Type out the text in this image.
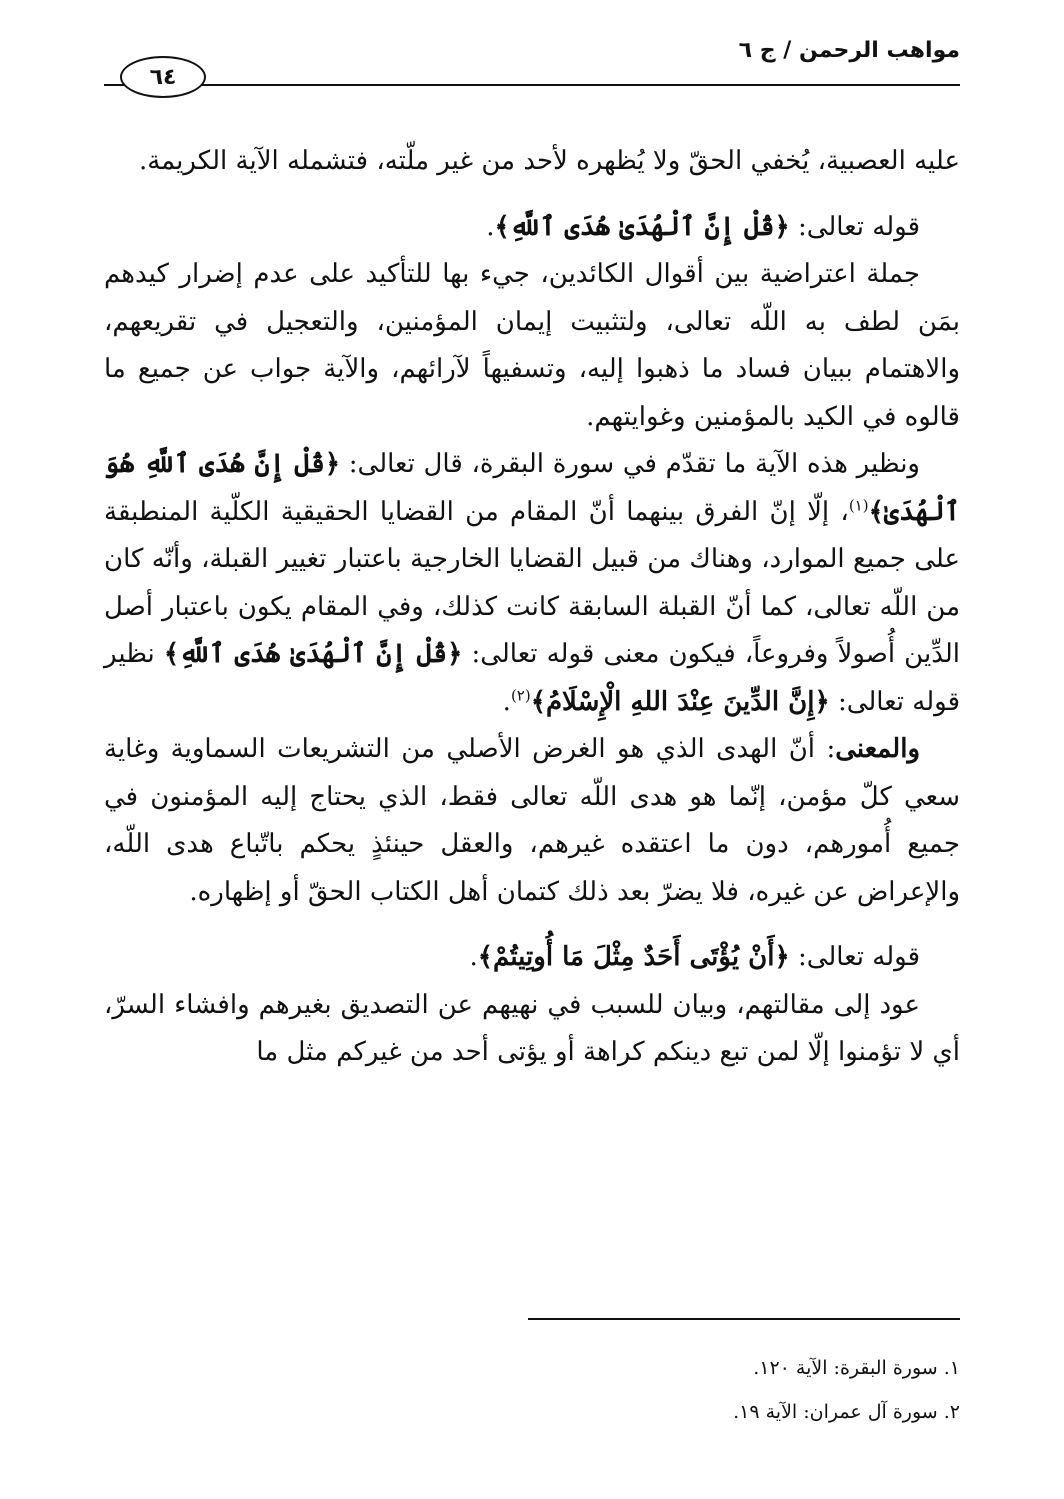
مواهب الرحمن / ج ٦
٦٤

عليه العصبية، يُخفي الحقّ ولا يُظهره لأحد من غير ملّته، فتشمله الآية الكريمة.

قوله تعالى: ﴿قُلْ إِنَّ ٱلْهُدَىٰ هُدَى ٱللَّهِ﴾.

جملة اعتراضية بين أقوال الكائدين، جيء بها للتأكيد على عدم إضرار كيدهم بمَن لطف به اللّه تعالى، ولتثبيت إيمان المؤمنين، والتعجيل في تقريعهم، والاهتمام ببيان فساد ما ذهبوا إليه، وتسفيهاً لآرائهم، والآية جواب عن جميع ما قالوه في الكيد بالمؤمنين وغوايتهم.

ونظير هذه الآية ما تقدّم في سورة البقرة، قال تعالى: ﴿قُلْ إِنَّ هُدَى ٱللَّهِ هُوَ ٱلْهُدَىٰ﴾$^{(١)}$، إلّا إنّ الفرق بينهما أنّ المقام من القضايا الحقيقية الكلّية المنطبقة على جميع الموارد، وهناك من قبيل القضايا الخارجية باعتبار تغيير القبلة، وأنّه كان من اللّه تعالى، كما أنّ القبلة السابقة كانت كذلك، وفي المقام يكون باعتبار أصل الدِّين أُصولاً وفروعاً، فيكون معنى قوله تعالى: ﴿قُلْ إِنَّ ٱلْهُدَىٰ هُدَى ٱللَّهِ﴾ نظير قوله تعالى: ﴿إِنَّ الدِّينَ عِنْدَ اللهِ الْإِسْلَامُ﴾$^{(٢)}$.

والمعنى: أنّ الهدى الذي هو الغرض الأصلي من التشريعات السماوية وغاية سعي كلّ مؤمن، إنّما هو هدى اللّه تعالى فقط، الذي يحتاج إليه المؤمنون في جميع أُمورهم، دون ما اعتقده غيرهم، والعقل حينئذٍ يحكم باتّباع هدى اللّه، والإعراض عن غيره، فلا يضرّ بعد ذلك كتمان أهل الكتاب الحقّ أو إظهاره.

قوله تعالى: ﴿أَنْ يُؤْتَى أَحَدٌ مِثْلَ مَا أُوتِيتُمْ﴾.

عود إلى مقالتهم، وبيان للسبب في نهيهم عن التصديق بغيرهم وافشاء السرّ، أي لا تؤمنوا إلّا لمن تبع دينكم كراهة أو يؤتى أحد من غيركم مثل ما

١. سورة البقرة: الآية ١٢٠.
٢. سورة آل عمران: الآية ١٩.
